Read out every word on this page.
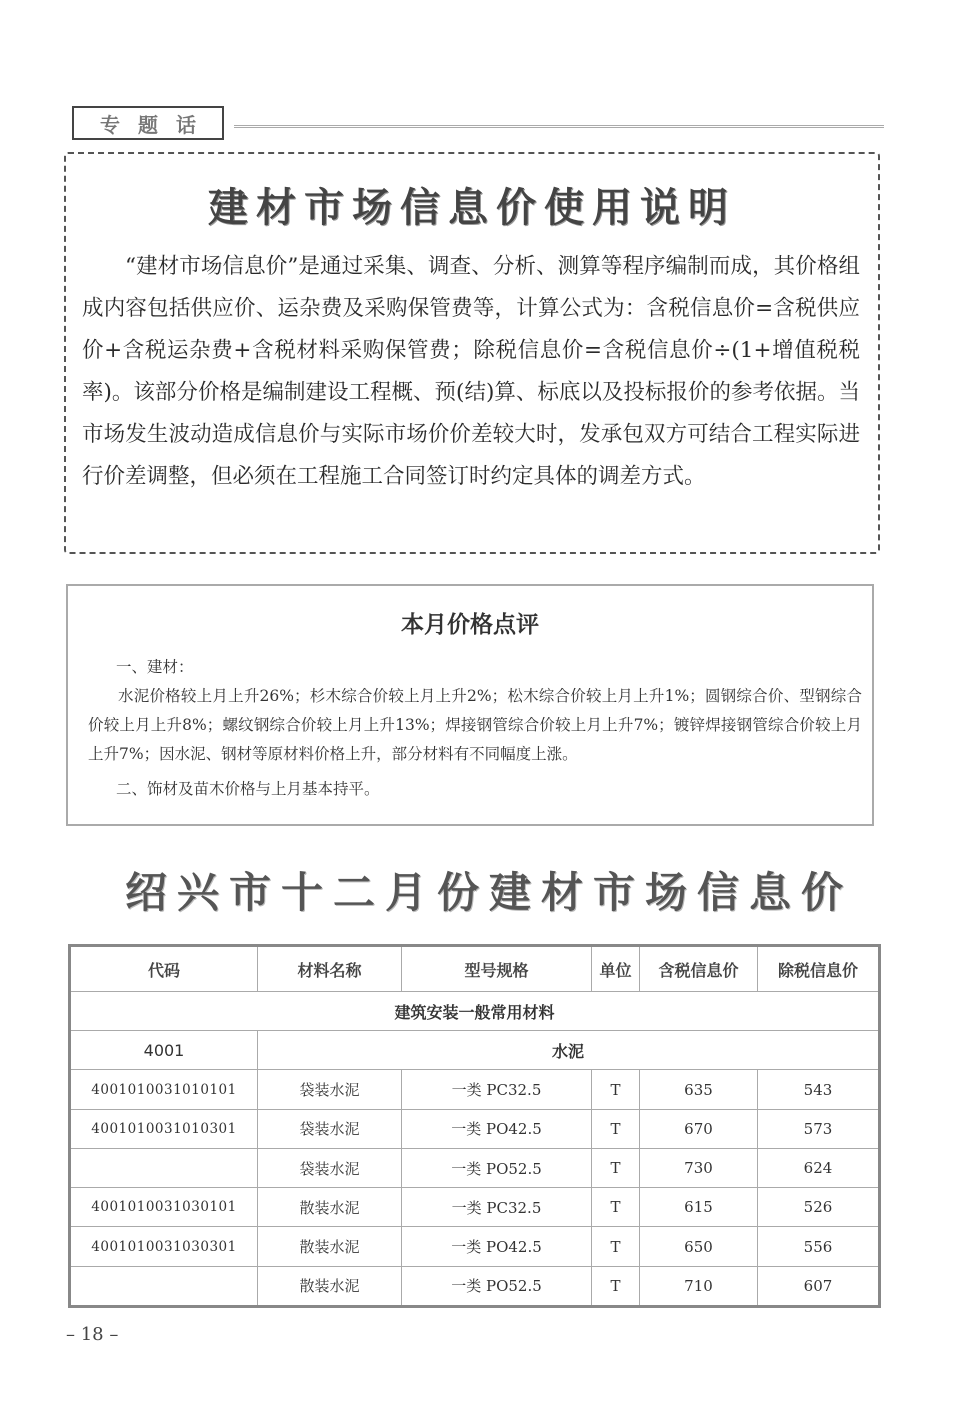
专 题 话
建材市场信息价使用说明

“建材市场信息价”是通过采集、调查、分析、测算等程序编制而成，其价格组成内容包括供应价、运杂费及采购保管费等，计算公式为：含税信息价=含税供应价+含税运杂费+含税材料采购保管费；除税信息价=含税信息价÷(1+增值税税率)。该部分价格是编制建设工程概、预(结)算、标底以及投标报价的参考依据。当市场发生波动造成信息价与实际市场价价差较大时，发承包双方可结合工程实际进行价差调整，但必须在工程施工合同签订时约定具体的调差方式。

本月价格点评

一、建材：

水泥价格较上月上升26%；杉木综合价较上月上升2%；松木综合价较上月上升1%；圆钢综合价、型钢综合价较上月上升8%；螺纹钢综合价较上月上升13%；焊接钢管综合价较上月上升7%；镀锌焊接钢管综合价较上月上升7%；因水泥、钢材等原材料价格上升，部分材料有不同幅度上涨。

二、饰材及苗木价格与上月基本持平。

绍兴市十二月份建材市场信息价
代码	材料名称	型号规格	单位	含税信息价	除税信息价
建筑安装一般常用材料					
4001	水泥				
4001010031010101	袋装水泥	一类 PC32.5	T	635	543
4001010031010301	袋装水泥	一类 PO42.5	T	670	573
	袋装水泥	一类 PO52.5	T	730	624
4001010031030101	散装水泥	一类 PC32.5	T	615	526
4001010031030301	散装水泥	一类 PO42.5	T	650	556
	散装水泥	一类 PO52.5	T	710	607
– 18 –
